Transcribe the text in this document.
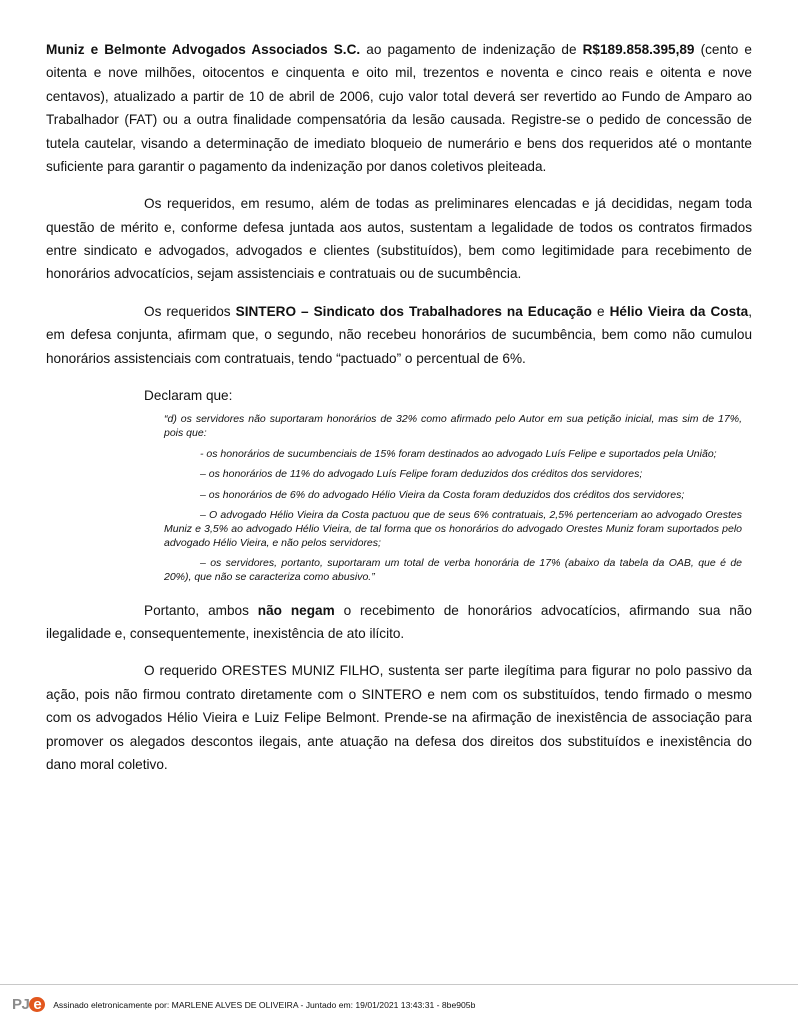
Muniz e Belmonte Advogados Associados S.C. ao pagamento de indenização de R$189.858.395,89 (cento e oitenta e nove milhões, oitocentos e cinquenta e oito mil, trezentos e noventa e cinco reais e oitenta e nove centavos), atualizado a partir de 10 de abril de 2006, cujo valor total deverá ser revertido ao Fundo de Amparo ao Trabalhador (FAT) ou a outra finalidade compensatória da lesão causada. Registre-se o pedido de concessão de tutela cautelar, visando a determinação de imediato bloqueio de numerário e bens dos requeridos até o montante suficiente para garantir o pagamento da indenização por danos coletivos pleiteada.
Os requeridos, em resumo, além de todas as preliminares elencadas e já decididas, negam toda questão de mérito e, conforme defesa juntada aos autos, sustentam a legalidade de todos os contratos firmados entre sindicato e advogados, advogados e clientes (substituídos), bem como legitimidade para recebimento de honorários advocatícios, sejam assistenciais e contratuais ou de sucumbência.
Os requeridos SINTERO – Sindicato dos Trabalhadores na Educação e Hélio Vieira da Costa, em defesa conjunta, afirmam que, o segundo, não recebeu honorários de sucumbência, bem como não cumulou honorários assistenciais com contratuais, tendo “pactuado” o percentual de 6%.
Declaram que:

“d) os servidores não suportaram honorários de 32% como afirmado pelo Autor em sua petição inicial, mas sim de 17%, pois que:

- os honorários de sucumbenciais de 15% foram destinados ao advogado Luís Felipe e suportados pela União;

– os honorários de 11% do advogado Luís Felipe foram deduzidos dos créditos dos servidores;

– os honorários de 6% do advogado Hélio Vieira da Costa foram deduzidos dos créditos dos servidores;

– O advogado Hélio Vieira da Costa pactuou que de seus 6% contratuais, 2,5% pertenceriam ao advogado Orestes Muniz e 3,5% ao advogado Hélio Vieira, de tal forma que os honorários do advogado Orestes Muniz foram suportados pelo advogado Hélio Vieira, e não pelos servidores;

– os servidores, portanto, suportaram um total de verba honorária de 17% (abaixo da tabela da OAB, que é de 20%), que não se caracteriza como abusivo.”

Portanto, ambos não negam o recebimento de honorários advocatícios, afirmando sua não ilegalidade e, consequentemente, inexistência de ato ilícito.
O requerido ORESTES MUNIZ FILHO, sustenta ser parte ilegítima para figurar no polo passivo da ação, pois não firmou contrato diretamente com o SINTERO e nem com os substituídos, tendo firmado o mesmo com os advogados Hélio Vieira e Luiz Felipe Belmont. Prende-se na afirmação de inexistência de associação para promover os alegados descontos ilegais, ante atuação na defesa dos direitos dos substituídos e inexistência do dano moral coletivo.
PJ e	Assinado eletronicamente por: MARLENE ALVES DE OLIVEIRA - Juntado em: 19/01/2021 13:43:31 - 8be905b
